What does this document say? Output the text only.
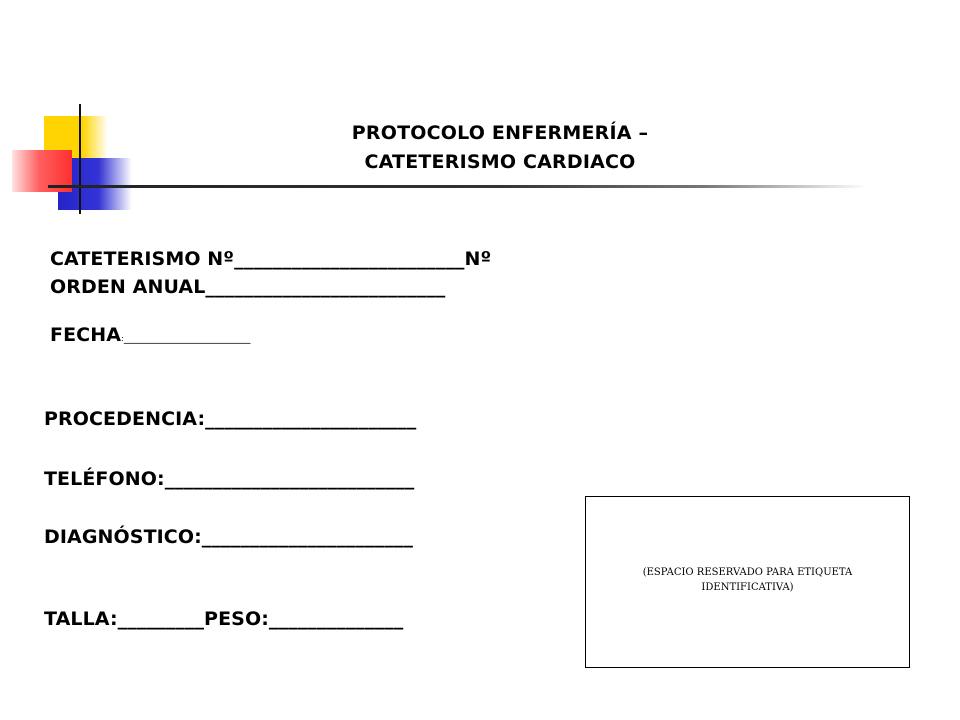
PROTOCOLO ENFERMERÍA –
CATETERISMO CARDIACO
CATETERISMO Nº________________________Nº
ORDEN ANUAL_________________________
FECHA:_______________________
PROCEDENCIA:______________________
TELÉFONO:__________________________
DIAGNÓSTICO:______________________
TALLA:_________PESO:______________
(ESPACIO RESERVADO PARA ETIQUETA IDENTIFICATIVA)
